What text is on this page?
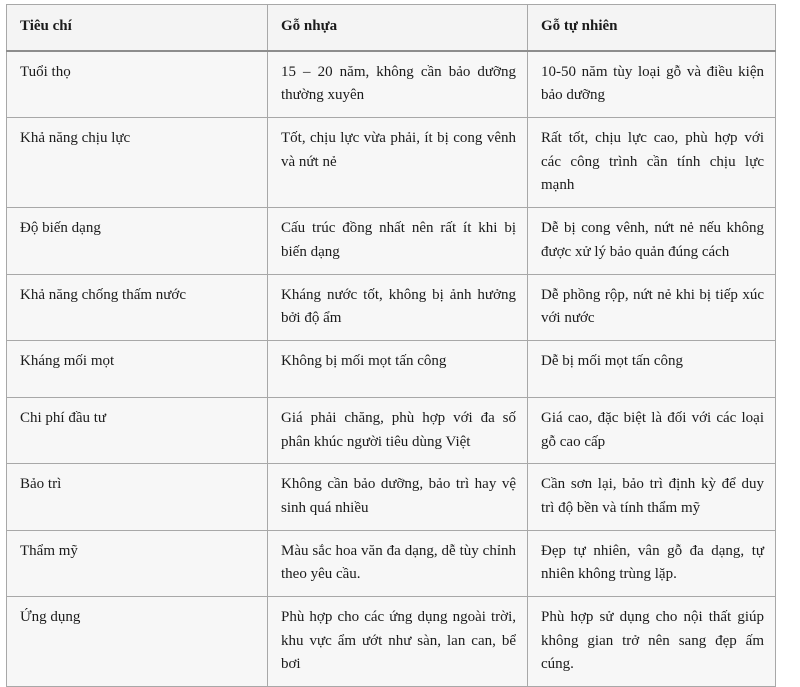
Tiêu chí	Gỗ nhựa	Gỗ tự nhiên
Tuổi thọ	15 – 20 năm, không cần bảo dưỡng thường xuyên	10-50 năm tùy loại gỗ và điều kiện bảo dưỡng
Khả năng chịu lực	Tốt, chịu lực vừa phải, ít bị cong vênh và nứt nẻ	Rất tốt, chịu lực cao, phù hợp với các công trình cần tính chịu lực mạnh
Độ biến dạng	Cấu trúc đồng nhất nên rất ít khi bị biến dạng	Dễ bị cong vênh, nứt nẻ nếu không được xử lý bảo quản đúng cách
Khả năng chống thấm nước	Kháng nước tốt, không bị ảnh hưởng bởi độ ẩm	Dễ phồng rộp, nứt nẻ khi bị tiếp xúc với nước
Kháng mối mọt	Không bị mối mọt tấn công	Dễ bị mối mọt tấn công
Chi phí đầu tư	Giá phải chăng, phù hợp với đa số phân khúc người tiêu dùng Việt	Giá cao, đặc biệt là đối với các loại gỗ cao cấp
Bảo trì	Không cần bảo dưỡng, bảo trì hay vệ sinh quá nhiều	Cần sơn lại, bảo trì định kỳ để duy trì độ bền và tính thẩm mỹ
Thẩm mỹ	Màu sắc hoa văn đa dạng, dễ tùy chỉnh theo yêu cầu.	Đẹp tự nhiên, vân gỗ đa dạng, tự nhiên không trùng lặp.
Ứng dụng	Phù hợp cho các ứng dụng ngoài trời, khu vực ẩm ướt như sàn, lan can, bể bơi	Phù hợp sử dụng cho nội thất giúp không gian trở nên sang đẹp ấm cúng.
